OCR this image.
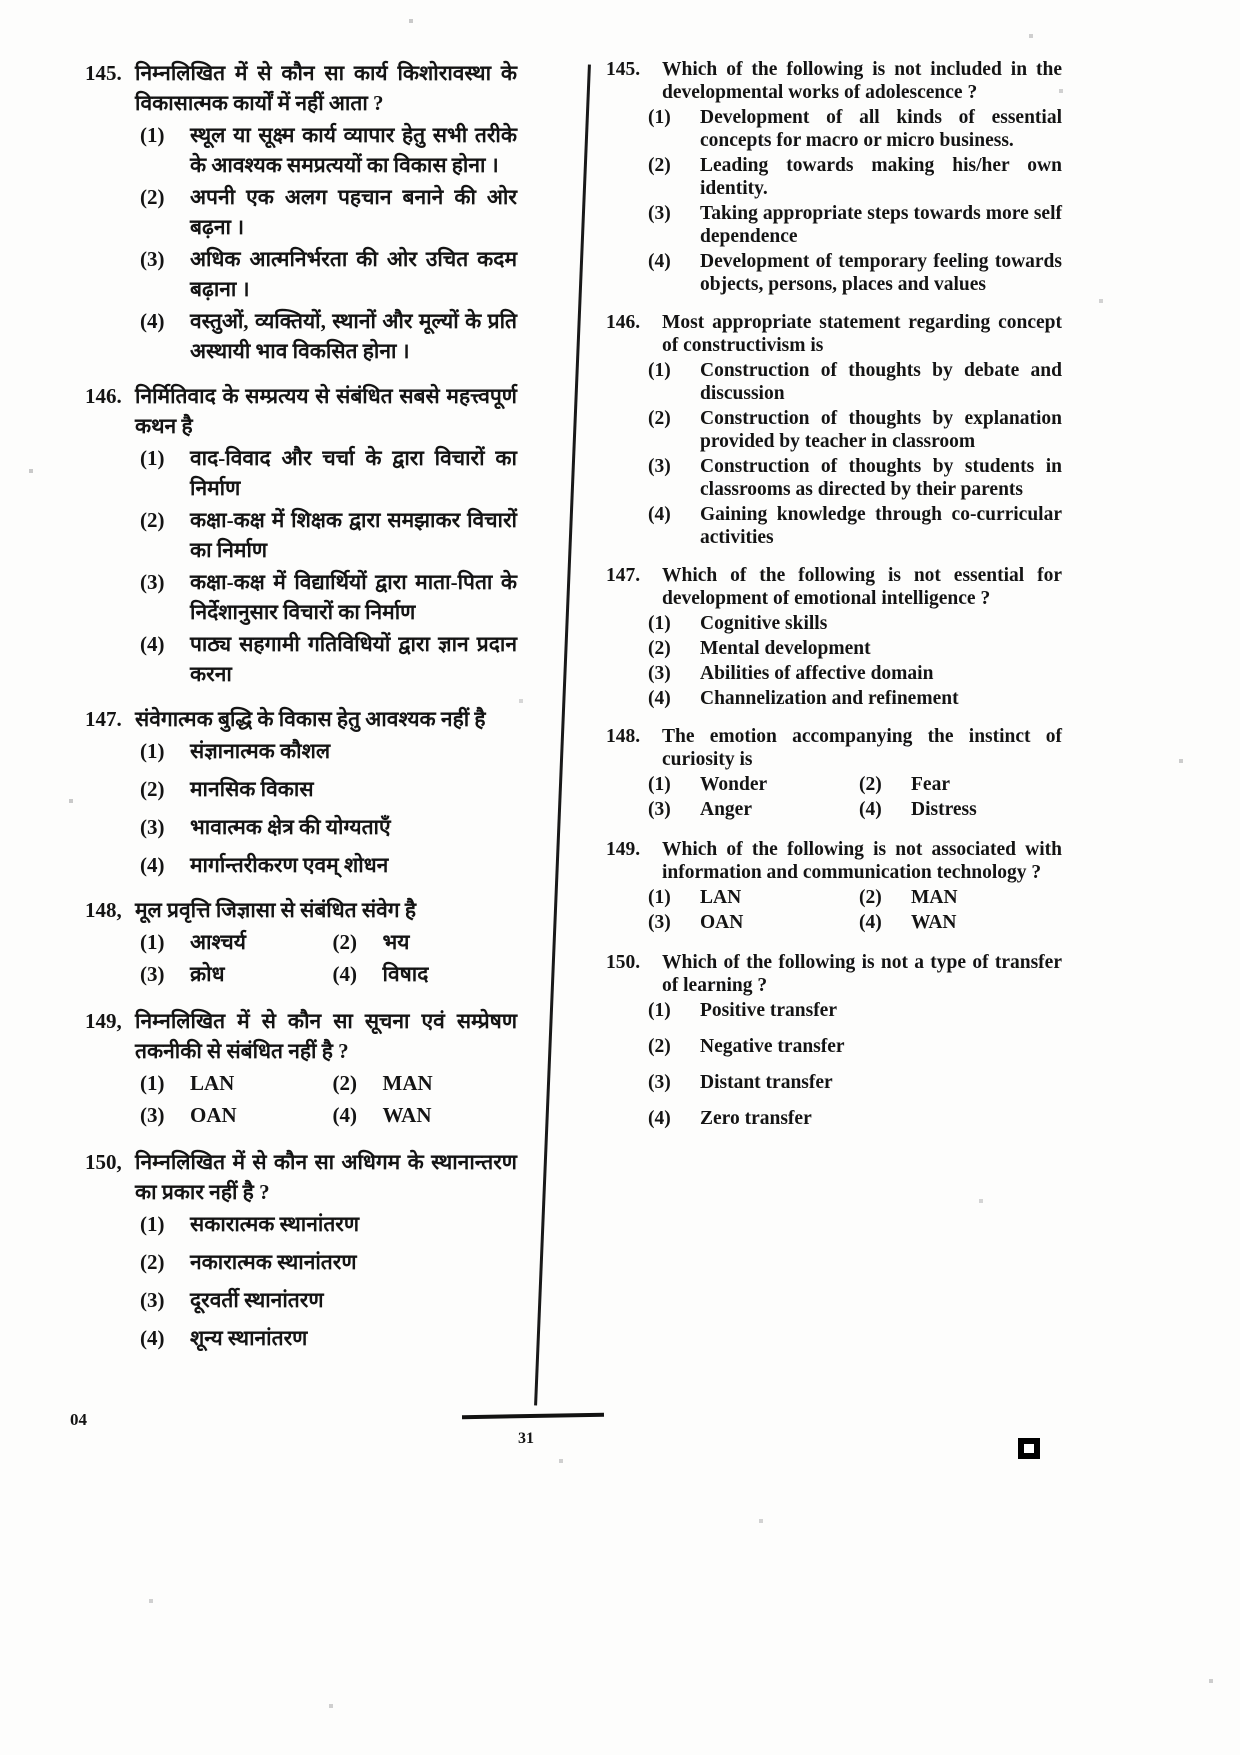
145. निम्नलिखित में से कौन सा कार्य किशोरावस्था के विकासात्मक कार्यों में नहीं आता ?
(1)	स्थूल या सूक्ष्म कार्य व्यापार हेतु सभी तरीके के आवश्यक समप्रत्ययों का विकास होना ।
(2)	अपनी एक अलग पहचान बनाने की ओर बढ़ना ।
(3)	अधिक आत्मनिर्भरता की ओर उचित कदम बढ़ाना ।
(4)	वस्तुओं, व्यक्तियों, स्थानों और मूल्यों के प्रति अस्थायी भाव विकसित होना ।
146. निर्मितिवाद के सम्प्रत्यय से संबंधित सबसे महत्त्वपूर्ण कथन है
(1)	वाद-विवाद और चर्चा के द्वारा विचारों का निर्माण
(2)	कक्षा-कक्ष में शिक्षक द्वारा समझाकर विचारों का निर्माण
(3)	कक्षा-कक्ष में विद्यार्थियों द्वारा माता-पिता के निर्देशानुसार विचारों का निर्माण
(4)	पाठ्य सहगामी गतिविधियों द्वारा ज्ञान प्रदान करना
147. संवेगात्मक बुद्धि के विकास हेतु आवश्यक नहीं है
(1)	संज्ञानात्मक कौशल
(2)	मानसिक विकास
(3)	भावात्मक क्षेत्र की योग्यताएँ
(4)	मार्गान्तरीकरण एवम् शोधन
148, मूल प्रवृत्ति जिज्ञासा से संबंधित संवेग है
(1)	आश्चर्य	(2)	भय
(3)	क्रोध	(4)	विषाद
149, निम्नलिखित में से कौन सा सूचना एवं सम्प्रेषण तकनीकी से संबंधित नहीं है ?
(1)	LAN	(2)	MAN
(3)	OAN	(4)	WAN
150, निम्नलिखित में से कौन सा अधिगम के स्थानान्तरण का प्रकार नहीं है ?
(1)	सकारात्मक स्थानांतरण
(2)	नकारात्मक स्थानांतरण
(3)	दूरवर्ती स्थानांतरण
(4)	शून्य स्थानांतरण
145.	Which of the following is not included in the developmental works of adolescence ?
(1)	Development of all kinds of essential concepts for macro or micro business.
(2)	Leading towards making his/her own identity.
(3)	Taking appropriate steps towards more self dependence
(4)	Development of temporary feeling towards objects, persons, places and values
146.	Most appropriate statement regarding concept of constructivism is
(1)	Construction of thoughts by debate and discussion
(2)	Construction of thoughts by explanation provided by teacher in classroom
(3)	Construction of thoughts by students in classrooms as directed by their parents
(4)	Gaining knowledge through co-curricular activities
147.	Which of the following is not essential for development of emotional intelligence ?
(1)	Cognitive skills
(2)	Mental development
(3)	Abilities of affective domain
(4)	Channelization and refinement
148.	The emotion accompanying the instinct of curiosity is
(1)	Wonder	(2)	Fear
(3)	Anger	(4)	Distress
149.	Which of the following is not associated with information and communication technology ?
(1)	LAN	(2)	MAN
(3)	OAN	(4)	WAN
150.	Which of the following is not a type of transfer of learning ?
(1)	Positive transfer
(2)	Negative transfer
(3)	Distant transfer
(4)	Zero transfer
04
31
